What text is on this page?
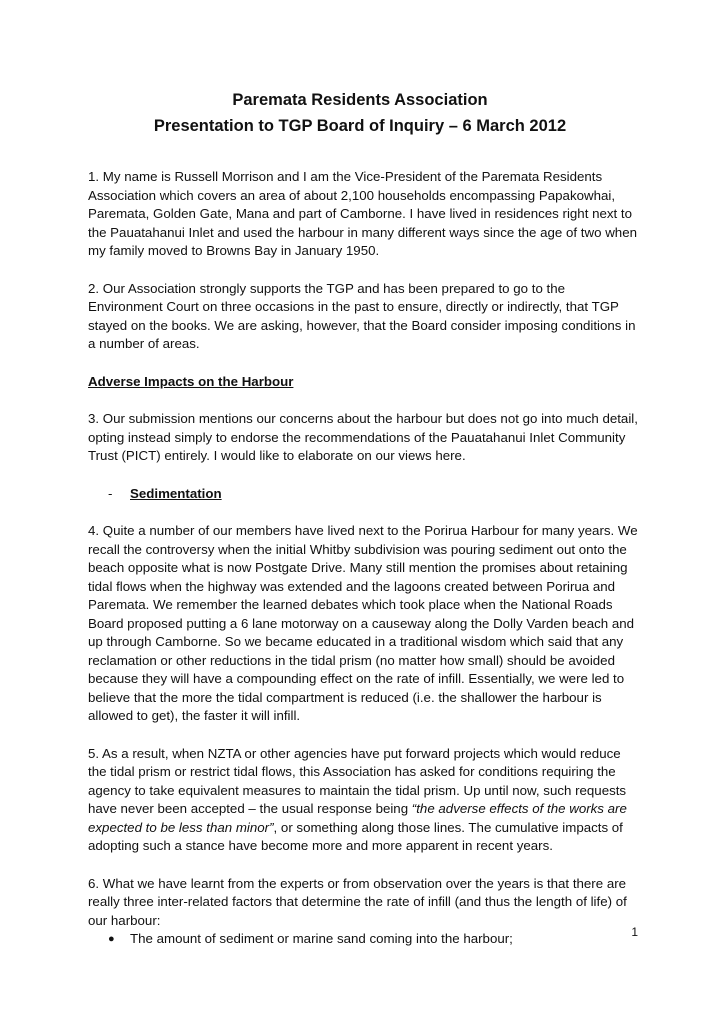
Paremata Residents Association
Presentation to TGP Board of Inquiry – 6 March 2012

1. My name is Russell Morrison and I am the Vice-President of the Paremata Residents Association which covers an area of about 2,100 households encompassing Papakowhai, Paremata, Golden Gate, Mana and part of Camborne. I have lived in residences right next to the Pauatahanui Inlet and used the harbour in many different ways since the age of two when my family moved to Browns Bay in January 1950.

2. Our Association strongly supports the TGP and has been prepared to go to the Environment Court on three occasions in the past to ensure, directly or indirectly, that TGP stayed on the books. We are asking, however, that the Board consider imposing conditions in a number of areas.

Adverse Impacts on the Harbour

3. Our submission mentions our concerns about the harbour but does not go into much detail, opting instead simply to endorse the recommendations of the Pauatahanui Inlet Community Trust (PICT) entirely. I would like to elaborate on our views here.

- Sedimentation

4. Quite a number of our members have lived next to the Porirua Harbour for many years. We recall the controversy when the initial Whitby subdivision was pouring sediment out onto the beach opposite what is now Postgate Drive. Many still mention the promises about retaining tidal flows when the highway was extended and the lagoons created between Porirua and Paremata. We remember the learned debates which took place when the National Roads Board proposed putting a 6 lane motorway on a causeway along the Dolly Varden beach and up through Camborne. So we became educated in a traditional wisdom which said that any reclamation or other reductions in the tidal prism (no matter how small) should be avoided because they will have a compounding effect on the rate of infill. Essentially, we were led to believe that the more the tidal compartment is reduced (i.e. the shallower the harbour is allowed to get), the faster it will infill.

5. As a result, when NZTA or other agencies have put forward projects which would reduce the tidal prism or restrict tidal flows, this Association has asked for conditions requiring the agency to take equivalent measures to maintain the tidal prism. Up until now, such requests have never been accepted – the usual response being “the adverse effects of the works are expected to be less than minor”, or something along those lines. The cumulative impacts of adopting such a stance have become more and more apparent in recent years.

6. What we have learnt from the experts or from observation over the years is that there are really three inter-related factors that determine the rate of infill (and thus the length of life) of our harbour:

● The amount of sediment or marine sand coming into the harbour;	1
